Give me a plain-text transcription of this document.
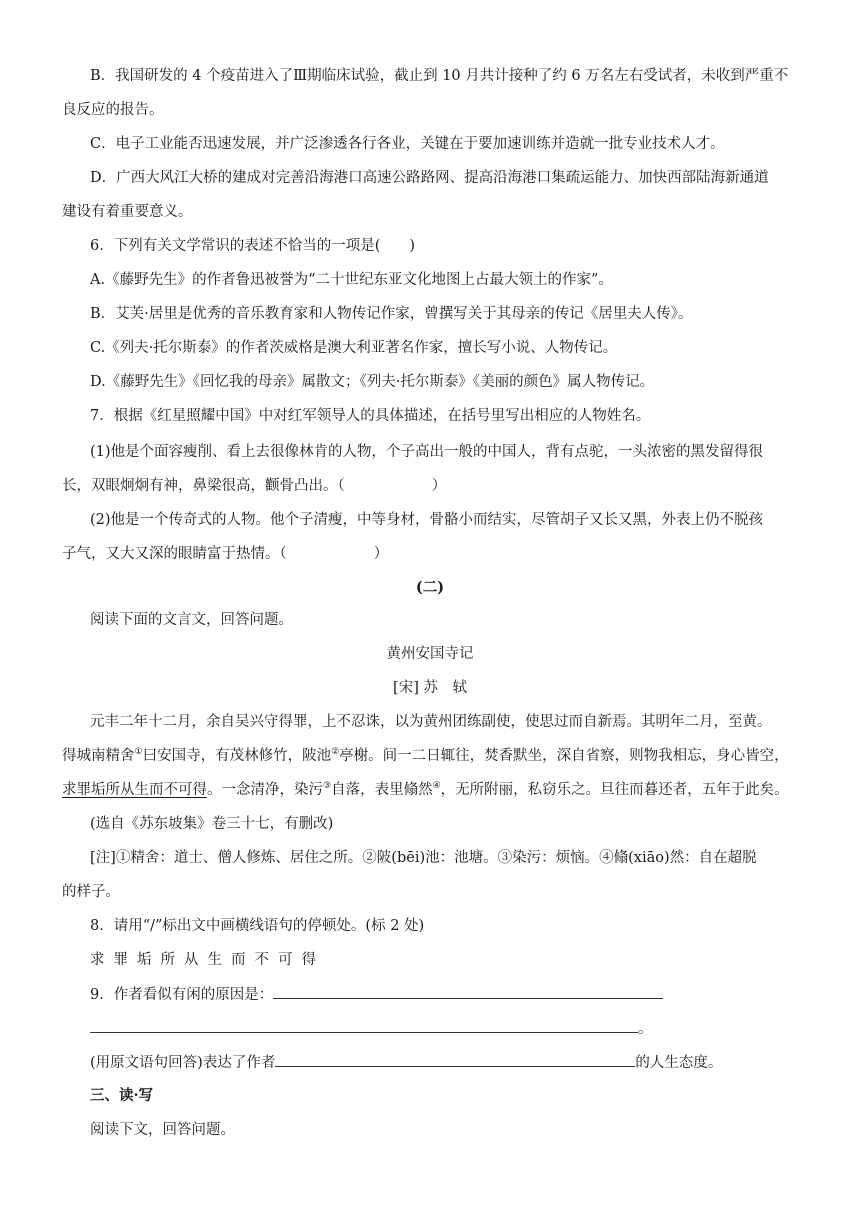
B．我国研发的 4 个疫苗进入了Ⅲ期临床试验，截止到 10 月共计接种了约 6 万名左右受试者，未收到严重不
良反应的报告。
C．电子工业能否迅速发展，并广泛渗透各行各业，关键在于要加速训练并造就一批专业技术人才。
D．广西大风江大桥的建成对完善沿海港口高速公路路网、提高沿海港口集疏运能力、加快西部陆海新通道
建设有着重要意义。
6．下列有关文学常识的表述不恰当的一项是(　　)
A.《藤野先生》的作者鲁迅被誉为“二十世纪东亚文化地图上占最大领土的作家”。
B．艾芙·居里是优秀的音乐教育家和人物传记作家，曾撰写关于其母亲的传记《居里夫人传》。
C.《列夫·托尔斯泰》的作者茨威格是澳大利亚著名作家，擅长写小说、人物传记。
D.《藤野先生》《回忆我的母亲》属散文；《列夫·托尔斯泰》《美丽的颜色》属人物传记。
7．根据《红星照耀中国》中对红军领导人的具体描述，在括号里写出相应的人物姓名。
(1)他是个面容瘦削、看上去很像林肯的人物，个子高出一般的中国人，背有点驼，一头浓密的黑发留得很
长，双眼炯炯有神，鼻梁很高，颧骨凸出。（　　　　　　）
(2)他是一个传奇式的人物。他个子清瘦，中等身材，骨骼小而结实，尽管胡子又长又黑，外表上仍不脱孩
子气，又大又深的眼睛富于热情。（　　　　　　）
(二)
阅读下面的文言文，回答问题。
黄州安国寺记
[宋] 苏　轼
元丰二年十二月，余自吴兴守得罪，上不忍诛，以为黄州团练副使，使思过而自新焉。其明年二月，至黄。
得城南精舍①曰安国寺，有茂林修竹，陂池②亭榭。间一二日辄往，焚香默坐，深自省察，则物我相忘，身心皆空，
求罪垢所从生而不可得。一念清净，染污③自落，表里翛然④，无所附丽，私窃乐之。旦往而暮还者，五年于此矣。
(选自《苏东坡集》卷三十七，有删改)
[注]①精舍：道士、僧人修炼、居住之所。②陂(bēi)池：池塘。③染污：烦恼。④翛(xiāo)然：自在超脱
的样子。
8．请用“/”标出文中画横线语句的停顿处。(标 2 处)
求罪垢所从生而不可得
9．作者看似有闲的原因是：
。
(用原文语句回答)表达了作者	的人生态度。
三、读·写
阅读下文，回答问题。
